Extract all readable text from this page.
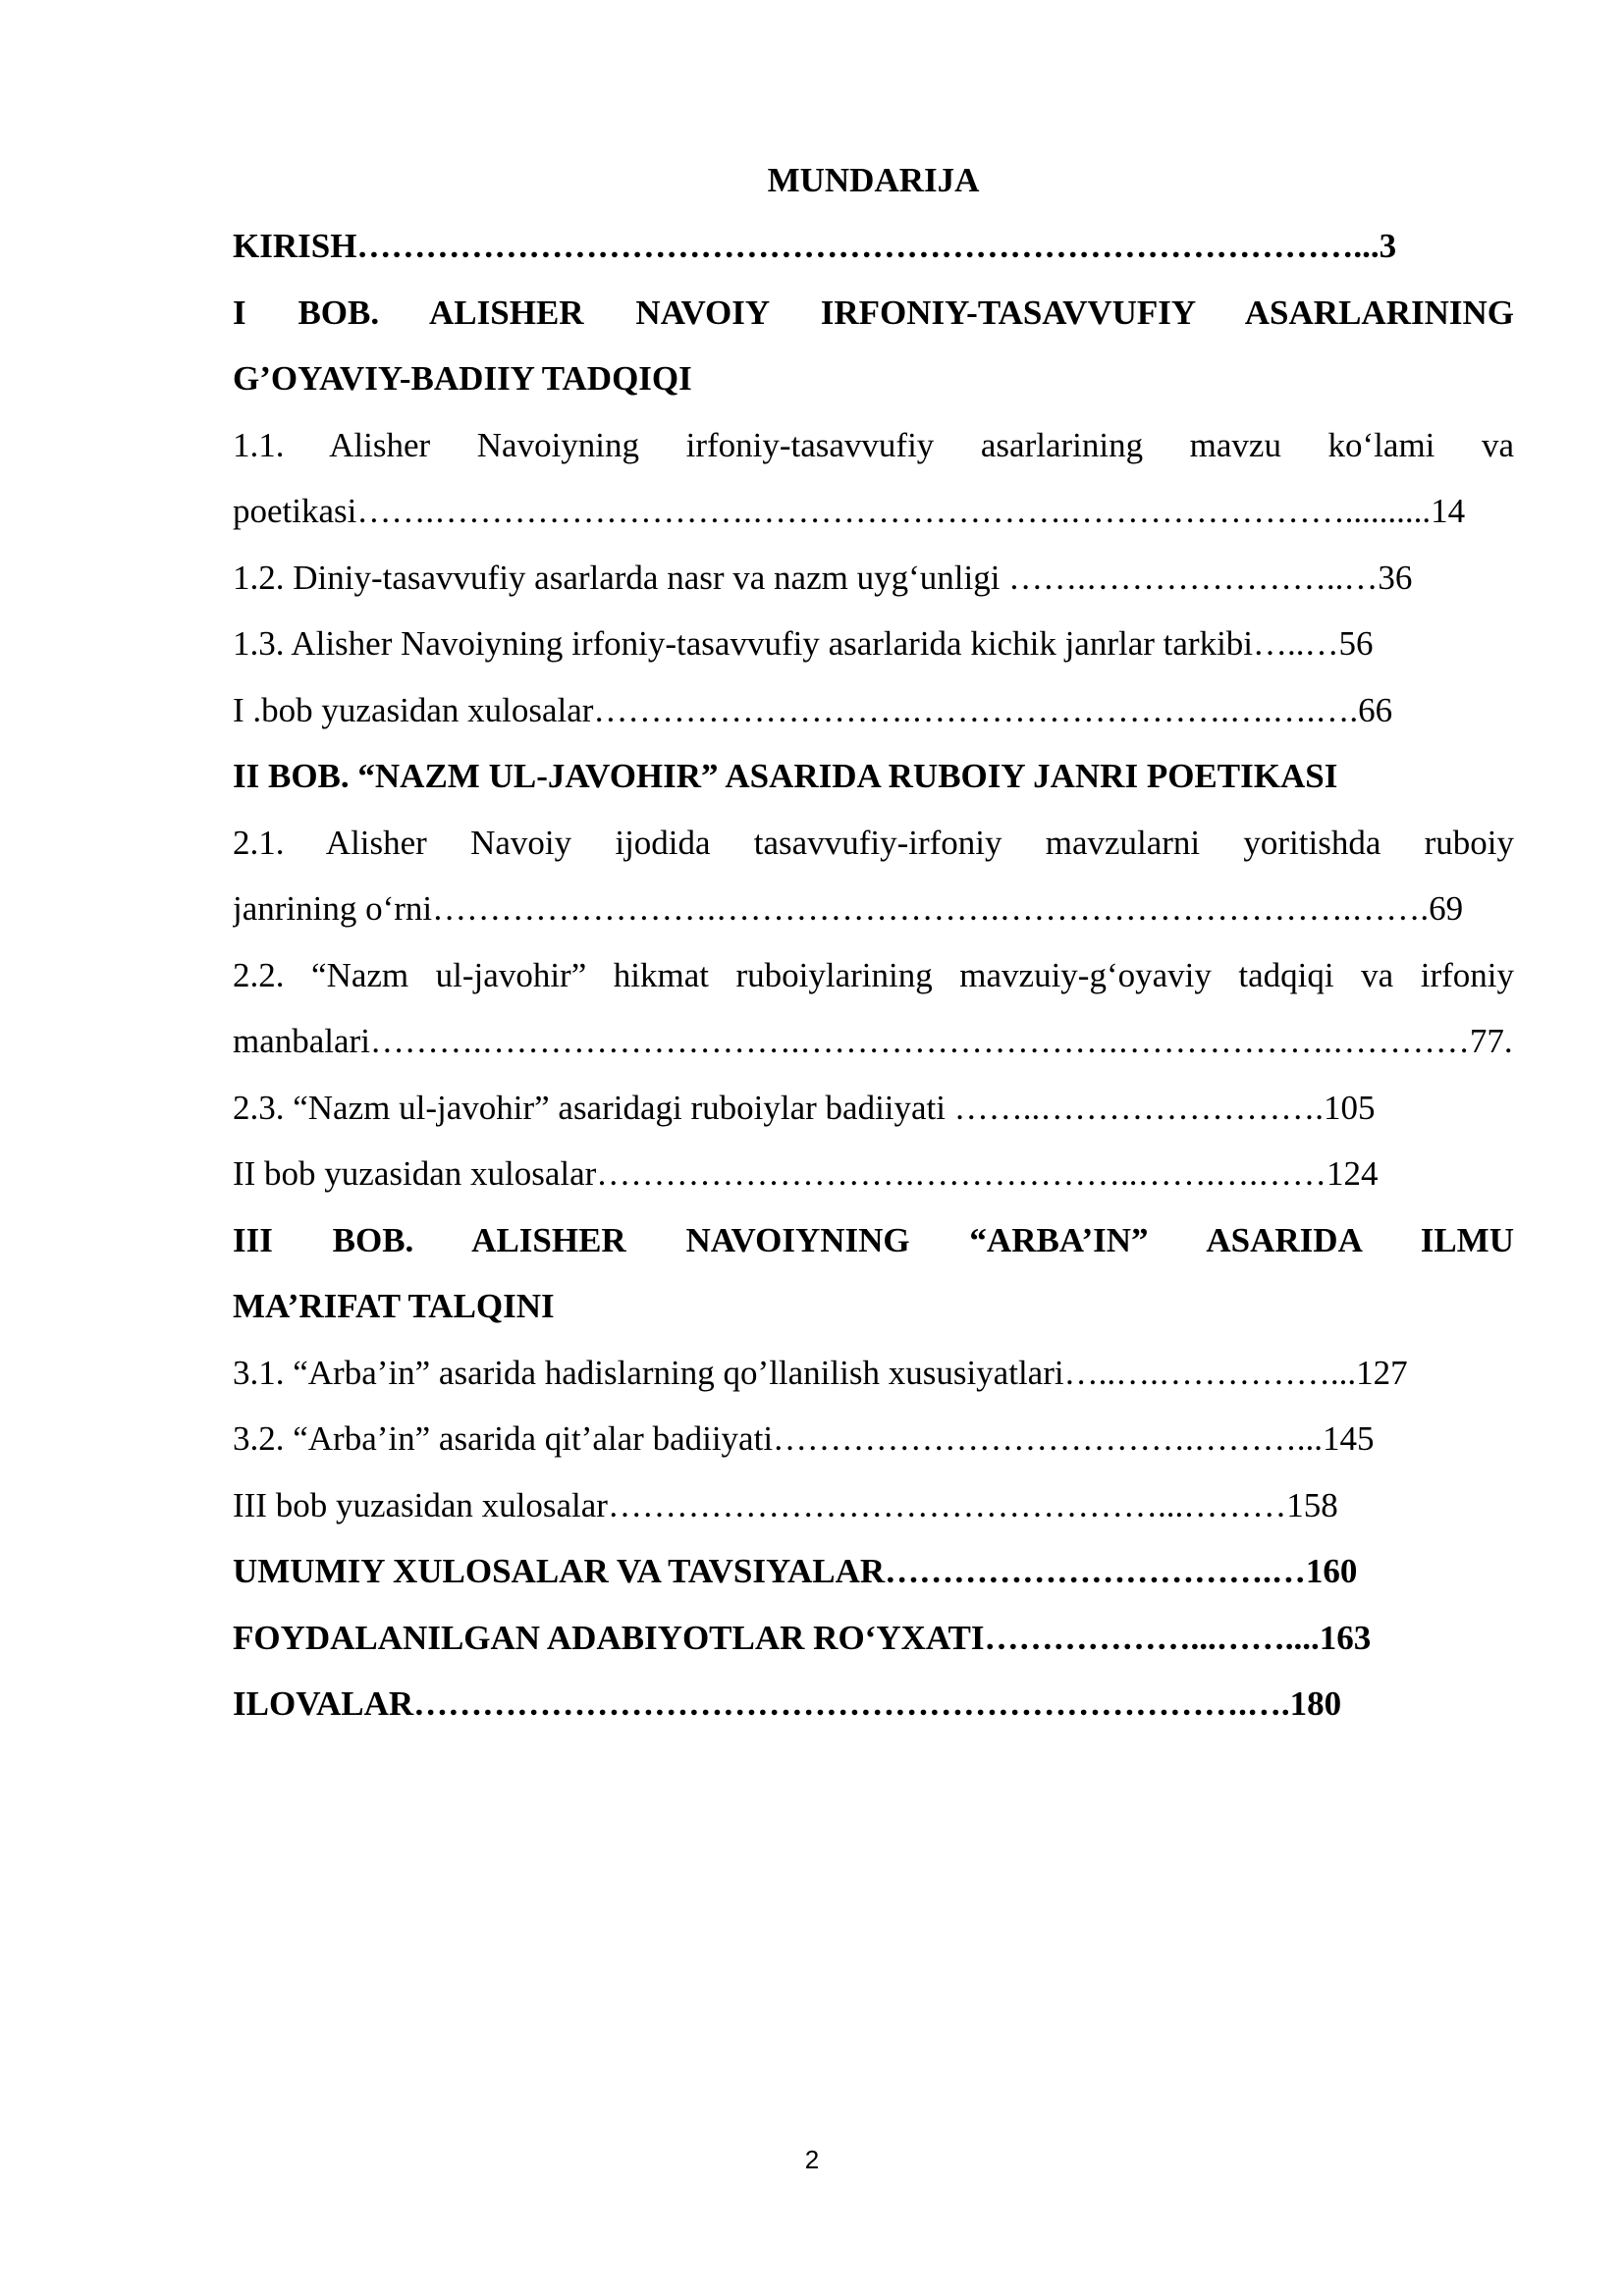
MUNDARIJA
KIRISH……………………………………………………………………………...3
I BOB. ALISHER NAVOIY IRFONIY-TASAVVUFIY ASARLARINING
G’OYAVIY-BADIIY TADQIQI
1.1. Alisher Navoiyning irfoniy-tasavvufiy asarlarining mavzu ko‘lami va
poetikasi…….……………………….……………………….……………………..........14
1.2. Diniy-tasavvufiy asarlarda nasr va nazm uyg‘unligi …….…………………..…36
1.3. Alisher Navoiyning irfoniy-tasavvufiy asarlarida kichik janrlar tarkibi…..…56
I .bob yuzasidan xulosalar……………………….……………………….….….….66
II BOB. “NAZM UL-JAVOHIR” ASARIDA RUBOIY JANRI POETIKASI
2.1. Alisher Navoiy ijodida tasavvufiy-irfoniy mavzularni yoritishda ruboiy
janrining o‘rni…………………….…………………….………………………….…….69
2.2. “Nazm ul-javohir” hikmat ruboiylarining mavzuiy-g‘oyaviy tadqiqi va irfoniy
manbalari……….……………………….……………………….……………….…………77.
2.3. “Nazm ul-javohir” asaridagi ruboiylar badiiyati ……..…………………….105
II bob yuzasidan xulosalar……………………….………………..…….….……124
III BOB. ALISHER NAVOIYNING “ARBA’IN” ASARIDA ILMU
MA’RIFAT TALQINI
3.1. “Arba’in” asarida hadislarning qo’llanilish xususiyatlari…..….……………...127
3.2. “Arba’in” asarida qit’alar badiiyati……………………………….………...145
III bob yuzasidan xulosalar…………………………………………...………158
UMUMIY XULOSALAR VA TAVSIYALAR…………………………….…160
FOYDALANILGAN ADABIYOTLAR RO‘YXATI………………...……....163
ILOVALAR……………………………………………………………….….180
2
